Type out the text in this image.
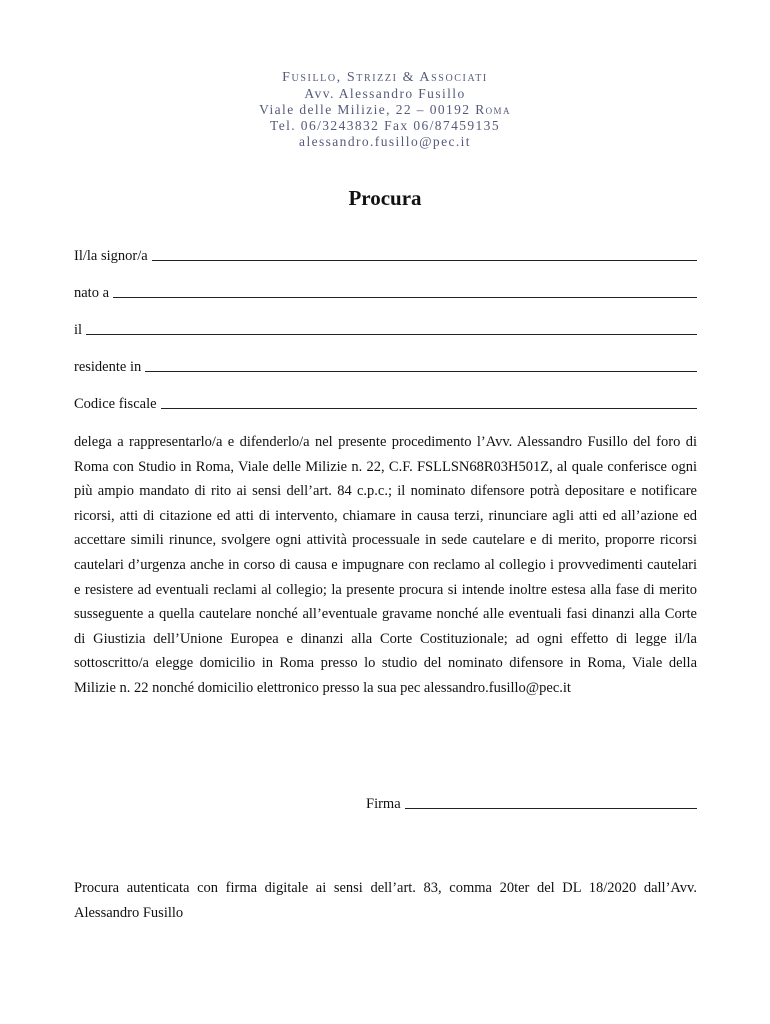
Fusillo, Strizzi & Associati
Avv. Alessandro Fusillo
Viale delle Milizie, 22 – 00192 Roma
Tel. 06/3243832 Fax 06/87459135
alessandro.fusillo@pec.it
Procura
Il/la signor/a
nato a
il
residente in
Codice fiscale

delega a rappresentarlo/a e difenderlo/a nel presente procedimento l’Avv. Alessandro Fusillo del foro di Roma con Studio in Roma, Viale delle Milizie n. 22, C.F. FSLLSN68R03H501Z, al quale conferisce ogni più ampio mandato di rito ai sensi dell’art. 84 c.p.c.; il nominato difensore potrà depositare e notificare ricorsi, atti di citazione ed atti di intervento, chiamare in causa terzi, rinunciare agli atti ed all’azione ed accettare simili rinunce, svolgere ogni attività processuale in sede cautelare e di merito, proporre ricorsi cautelari d’urgenza anche in corso di causa e impugnare con reclamo al collegio i provvedimenti cautelari e resistere ad eventuali reclami al collegio; la presente procura si intende inoltre estesa alla fase di merito susseguente a quella cautelare nonché all’eventuale gravame nonché alle eventuali fasi dinanzi alla Corte di Giustizia dell’Unione Europea e dinanzi alla Corte Costituzionale; ad ogni effetto di legge il/la sottoscritto/a elegge domicilio in Roma presso lo studio del nominato difensore in Roma, Viale della Milizie n. 22 nonché domicilio elettronico presso la sua pec alessandro.fusillo@pec.it

Firma

Procura autenticata con firma digitale ai sensi dell’art. 83, comma 20ter del DL 18/2020 dall’Avv. Alessandro Fusillo
